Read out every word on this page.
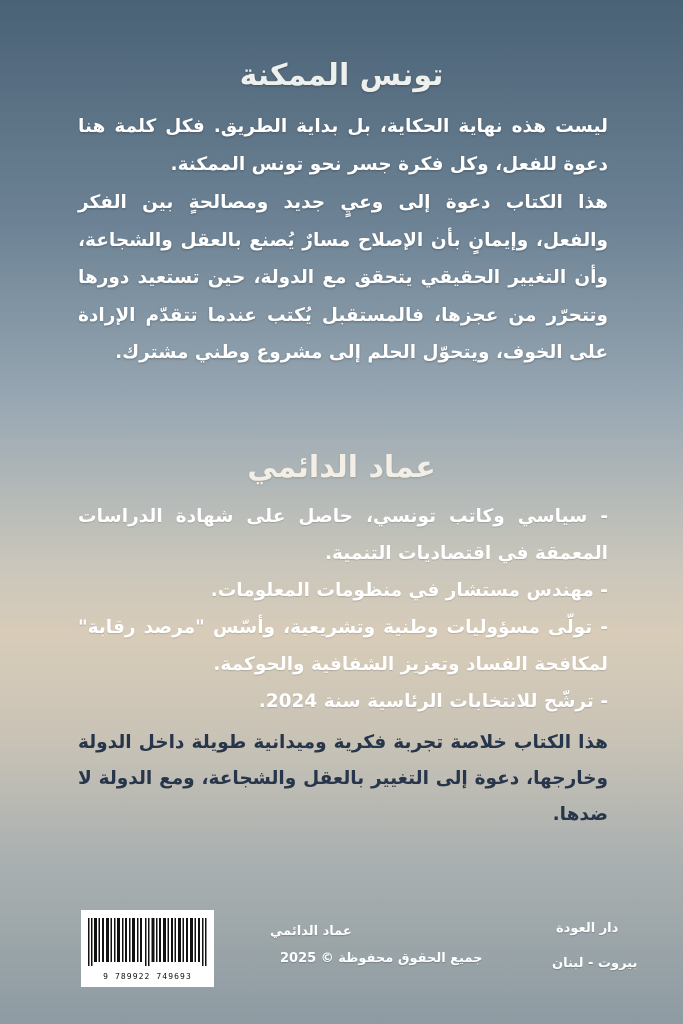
تونس الممكنة

ليست هذه نهاية الحكاية، بل بداية الطريق. فكل كلمة هنا دعوة للفعل، وكل فكرة جسر نحو تونس الممكنة.

هذا الكتاب دعوة إلى وعيٍ جديد ومصالحةٍ بين الفكر والفعل، وإيمانٍ بأن الإصلاح مسارٌ يُصنع بالعقل والشجاعة، وأن التغيير الحقيقي يتحقق مع الدولة، حين تستعيد دورها وتتحرّر من عجزها، فالمستقبل يُكتب عندما تتقدّم الإرادة على الخوف، ويتحوّل الحلم إلى مشروع وطني مشترك.

عماد الدائمي

- سياسي وكاتب تونسي، حاصل على شهادة الدراسات المعمقة في اقتصاديات التنمية.

- مهندس مستشار في منظومات المعلومات.

- تولّى مسؤوليات وطنية وتشريعية، وأسّس "مرصد رقابة" لمكافحة الفساد وتعزيز الشفافية والحوكمة.

- ترشّح للانتخابات الرئاسية سنة 2024.

هذا الكتاب خلاصة تجربة فكرية وميدانية طويلة داخل الدولة وخارجها، دعوة إلى التغيير بالعقل والشجاعة، ومع الدولة لا ضدها.

9 789922 749693
دار العودة
بيروت - لبنان
عماد الدائمي
جميع الحقوق محفوظة © 2025
